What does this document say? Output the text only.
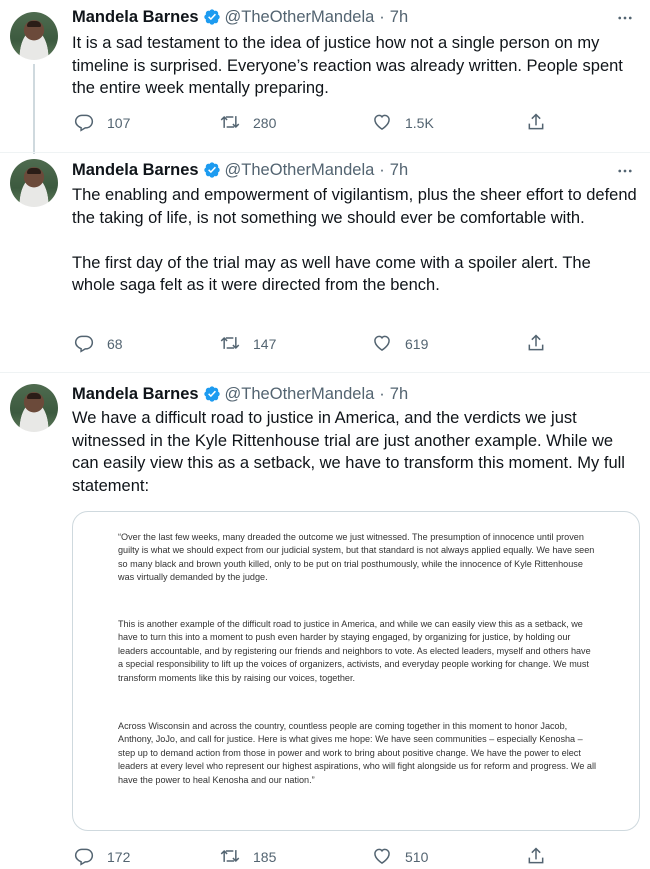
Mandela Barnes @TheOtherMandela · 7h
It is a sad testament to the idea of justice how not a single person on my timeline is surprised. Everyone’s reaction was already written. People spent the entire week mentally preparing.
107	280	1.5K
Mandela Barnes @TheOtherMandela · 7h
The enabling and empowerment of vigilantism, plus the sheer effort to defend the taking of life, is not something we should ever be comfortable with.

The first day of the trial may as well have come with a spoiler alert. The whole saga felt as it were directed from the bench.
68	147	619
Mandela Barnes @TheOtherMandela · 7h
We have a difficult road to justice in America, and the verdicts we just witnessed in the Kyle Rittenhouse trial are just another example. While we can easily view this as a setback, we have to transform this moment. My full statement:
“Over the last few weeks, many dreaded the outcome we just witnessed. The presumption of innocence until proven guilty is what we should expect from our judicial system, but that standard is not always applied equally. We have seen so many black and brown youth killed, only to be put on trial posthumously, while the innocence of Kyle Rittenhouse was virtually demanded by the judge.
This is another example of the difficult road to justice in America, and while we can easily view this as a setback, we have to turn this into a moment to push even harder by staying engaged, by organizing for justice, by holding our leaders accountable, and by registering our friends and neighbors to vote. As elected leaders, myself and others have a special responsibility to lift up the voices of organizers, activists, and everyday people working for change. We must transform moments like this by raising our voices, together.
Across Wisconsin and across the country, countless people are coming together in this moment to honor Jacob, Anthony, JoJo, and call for justice. Here is what gives me hope: We have seen communities – especially Kenosha – step up to demand action from those in power and work to bring about positive change. We have the power to elect leaders at every level who represent our highest aspirations, who will fight alongside us for reform and progress. We all have the power to heal Kenosha and our nation.”
172	185	510
